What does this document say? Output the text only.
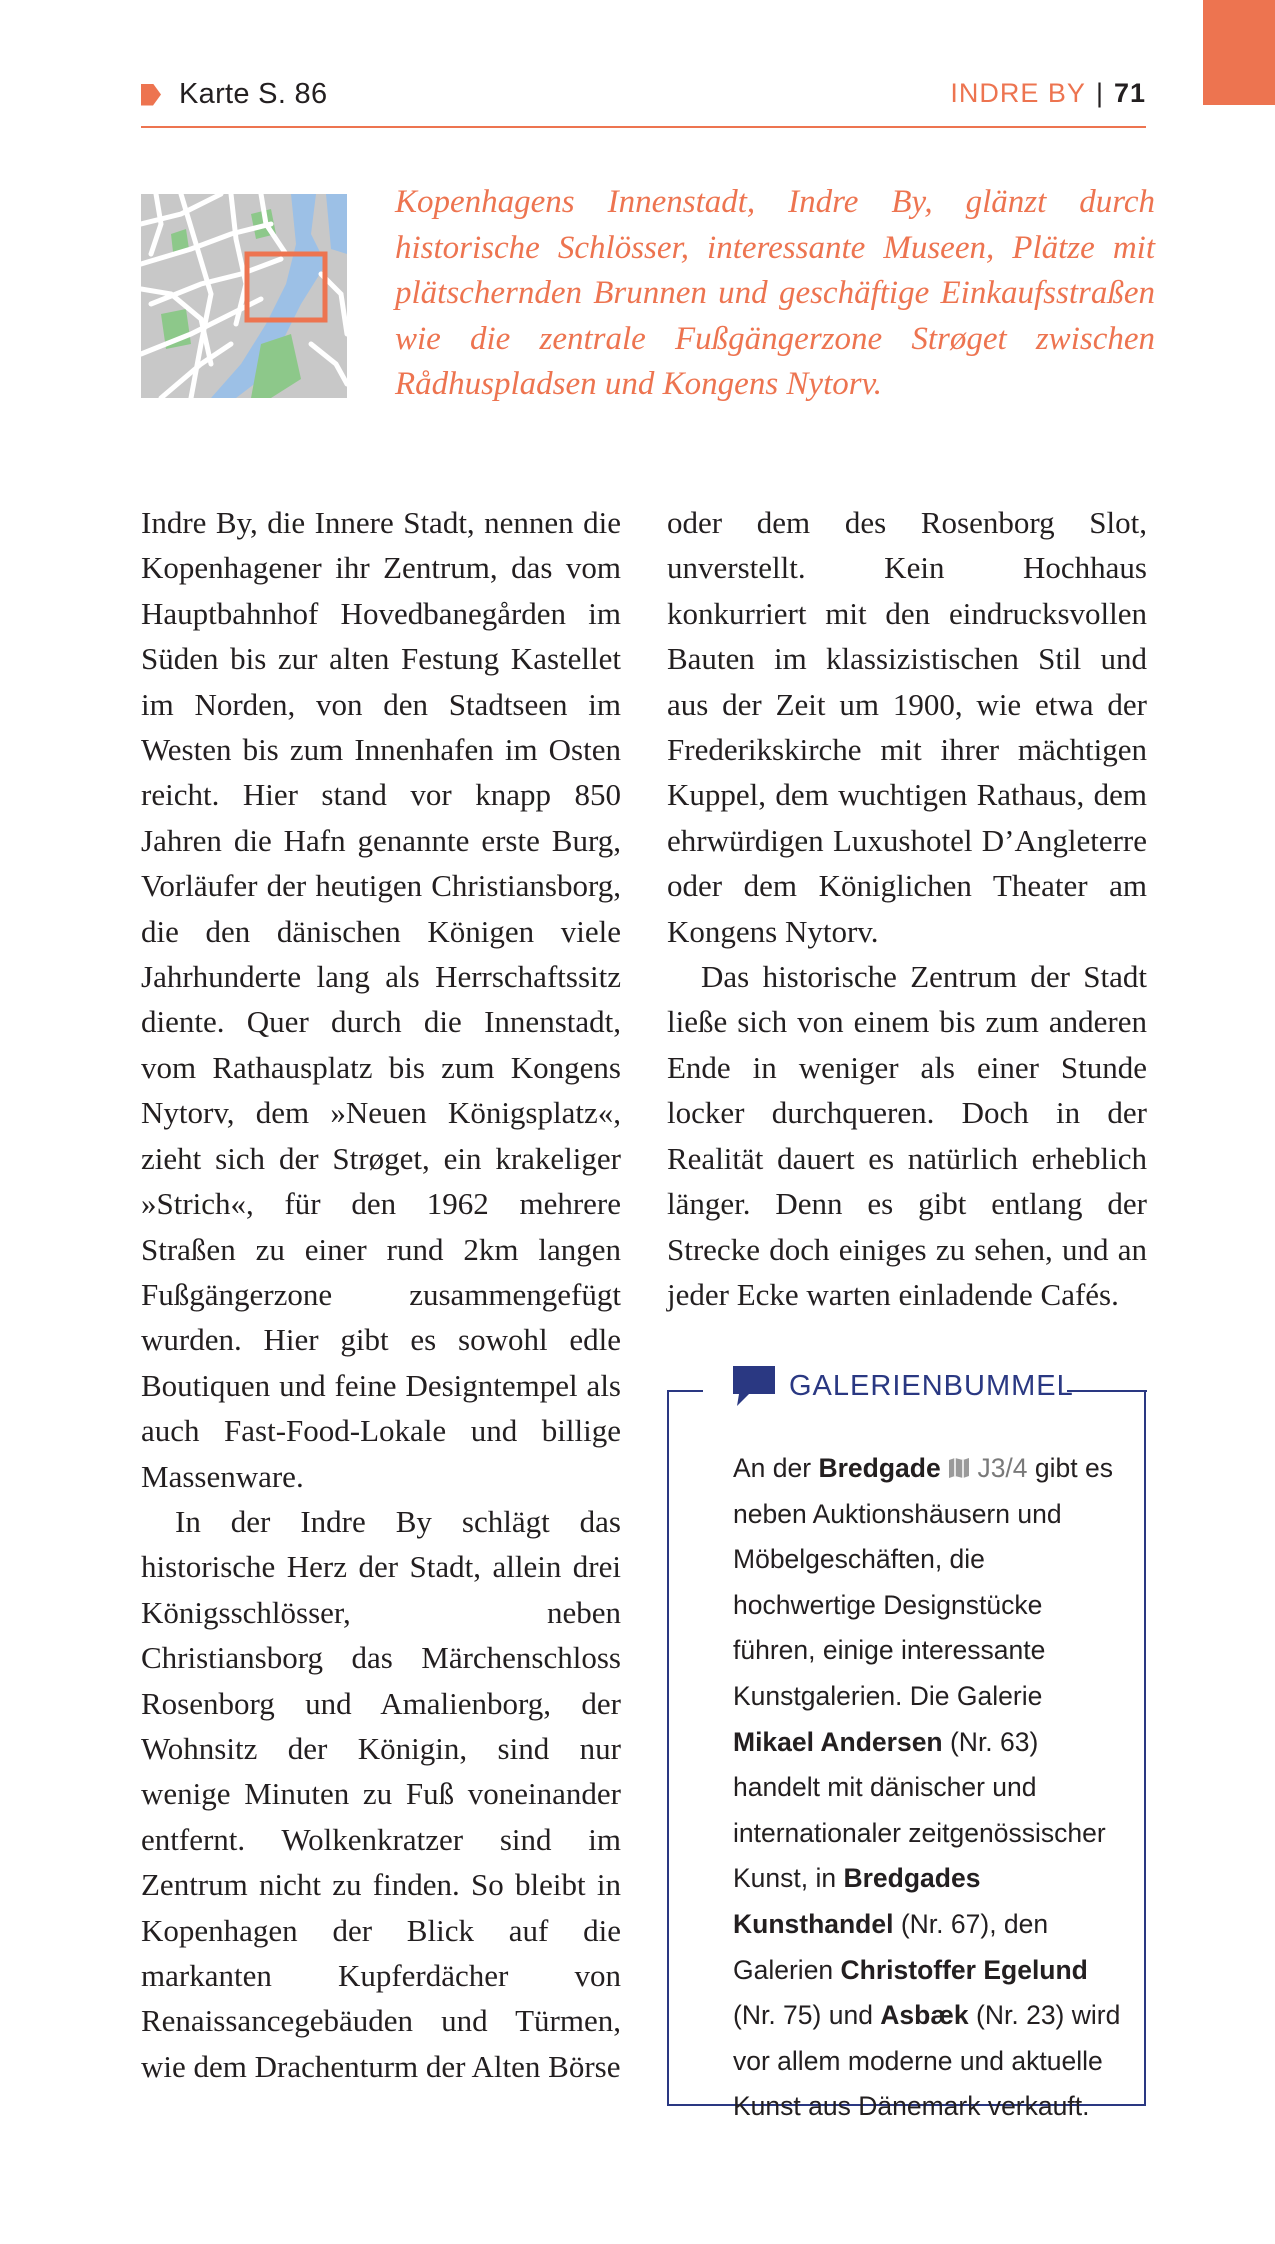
Karte S. 86	INDRE BY | 71
Kopenhagens Innenstadt, Indre By, glänzt durch historische Schlösser, interessante Museen, Plätze mit plätschernden Brunnen und geschäftige Einkaufsstraßen wie die zentrale Fußgängerzone Strøget zwischen Rådhuspladsen und Kongens Nytorv.

Indre By, die Innere Stadt, nennen die Kopenhagener ihr Zentrum, das vom Hauptbahnhof Hovedbanegården im Süden bis zur alten Festung Kastellet im Norden, von den Stadtseen im Westen bis zum Innenhafen im Osten reicht. Hier stand vor knapp 850 Jahren die Hafn genannte erste Burg, Vorläufer der heutigen Christiansborg, die den dänischen Königen viele Jahrhunderte lang als Herrschaftssitz diente. Quer durch die Innenstadt, vom Rathausplatz bis zum Kongens Nytorv, dem »Neuen Königsplatz«, zieht sich der Strøget, ein krakeliger »Strich«, für den 1962 mehrere Straßen zu einer rund 2km langen Fußgängerzone zusammengefügt wurden. Hier gibt es sowohl edle Boutiquen und feine Designtempel als auch Fast-Food-Lokale und billige Massenware.

In der Indre By schlägt das historische Herz der Stadt, allein drei Königsschlösser, neben Christiansborg das Märchenschloss Rosenborg und Amalienborg, der Wohnsitz der Königin, sind nur wenige Minuten zu Fuß voneinander entfernt. Wolkenkratzer sind im Zentrum nicht zu finden. So bleibt in Kopenhagen der Blick auf die markanten Kupferdächer von Renaissancegebäuden und Türmen, wie dem Drachenturm der Alten Börse

oder dem des Rosenborg Slot, unverstellt. Kein Hochhaus konkurriert mit den eindrucksvollen Bauten im klassizistischen Stil und aus der Zeit um 1900, wie etwa der Frederikskirche mit ihrer mächtigen Kuppel, dem wuchtigen Rathaus, dem ehrwürdigen Luxushotel D’Angleterre oder dem Königlichen Theater am Kongens Nytorv.

Das historische Zentrum der Stadt ließe sich von einem bis zum anderen Ende in weniger als einer Stunde locker durchqueren. Doch in der Realität dauert es natürlich erheblich länger. Denn es gibt entlang der Strecke doch einiges zu sehen, und an jeder Ecke warten einladende Cafés.

GALERIENBUMMEL
An der Bredgade J3/4 gibt es neben Auktionshäusern und Möbelgeschäften, die hochwertige Designstücke führen, einige interessante Kunstgalerien. Die Galerie Mikael Andersen (Nr. 63) handelt mit dänischer und internationaler zeitgenössischer Kunst, in Bredgades Kunsthandel (Nr. 67), den Galerien Christoffer Egelund (Nr. 75) und Asbæk (Nr. 23) wird vor allem moderne und aktuelle Kunst aus Dänemark verkauft.
